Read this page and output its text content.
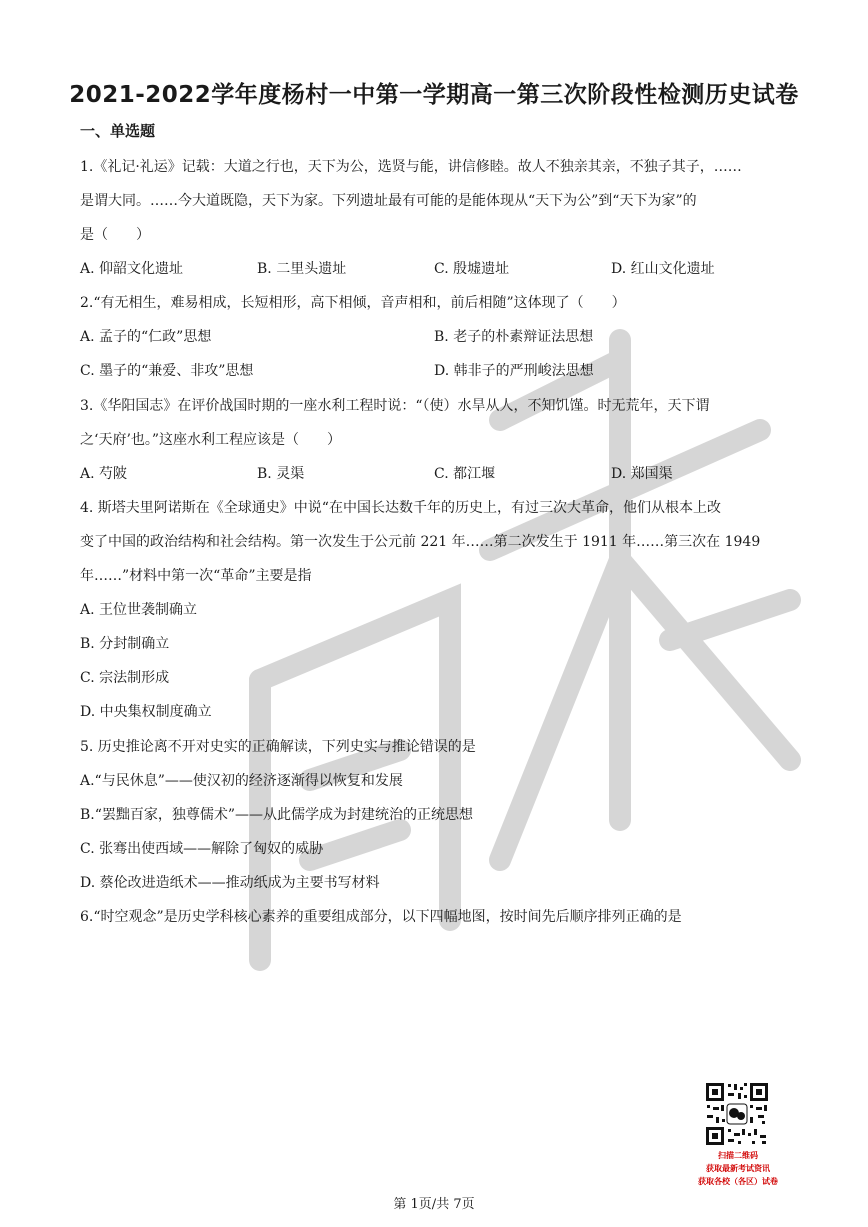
2021-2022学年度杨村一中第一学期高一第三次阶段性检测历史试卷
一、单选题
1.《礼记·礼运》记载：大道之行也，天下为公，选贤与能，讲信修睦。故人不独亲其亲，不独子其子，……
是谓大同。……今大道既隐，天下为家。下列遗址最有可能的是能体现从“天下为公”到“天下为家”的
是（　　）
A. 仰韶文化遗址	B. 二里头遗址	C. 殷墟遗址	D. 红山文化遗址
2.“有无相生，难易相成，长短相形，高下相倾，音声相和，前后相随”这体现了（　　）
A. 孟子的“仁政”思想	B. 老子的朴素辩证法思想
C. 墨子的“兼爱、非攻”思想	D. 韩非子的严刑峻法思想
3.《华阳国志》在评价战国时期的一座水利工程时说：“（使）水旱从人，不知饥馑。时无荒年，天下谓
之‘天府’也。”这座水利工程应该是（　　）
A. 芍陂	B. 灵渠	C. 都江堰	D. 郑国渠
4. 斯塔夫里阿诺斯在《全球通史》中说“在中国长达数千年的历史上，有过三次大革命，他们从根本上改
变了中国的政治结构和社会结构。第一次发生于公元前 221 年……第二次发生于 1911 年……第三次在 1949
年……”材料中第一次“革命”主要是指
A. 王位世袭制确立
B. 分封制确立
C. 宗法制形成
D. 中央集权制度确立
5. 历史推论离不开对史实的正确解读，下列史实与推论错误的是
A.“与民休息”——使汉初的经济逐渐得以恢复和发展
B.“罢黜百家，独尊儒术”——从此儒学成为封建统治的正统思想
C. 张骞出使西域——解除了匈奴的威胁
D. 蔡伦改进造纸术——推动纸成为主要书写材料
6.“时空观念”是历史学科核心素养的重要组成部分，以下四幅地图，按时间先后顺序排列正确的是
扫描二维码
获取最新考试资讯
获取各校（各区）试卷
第 1页/共 7页
